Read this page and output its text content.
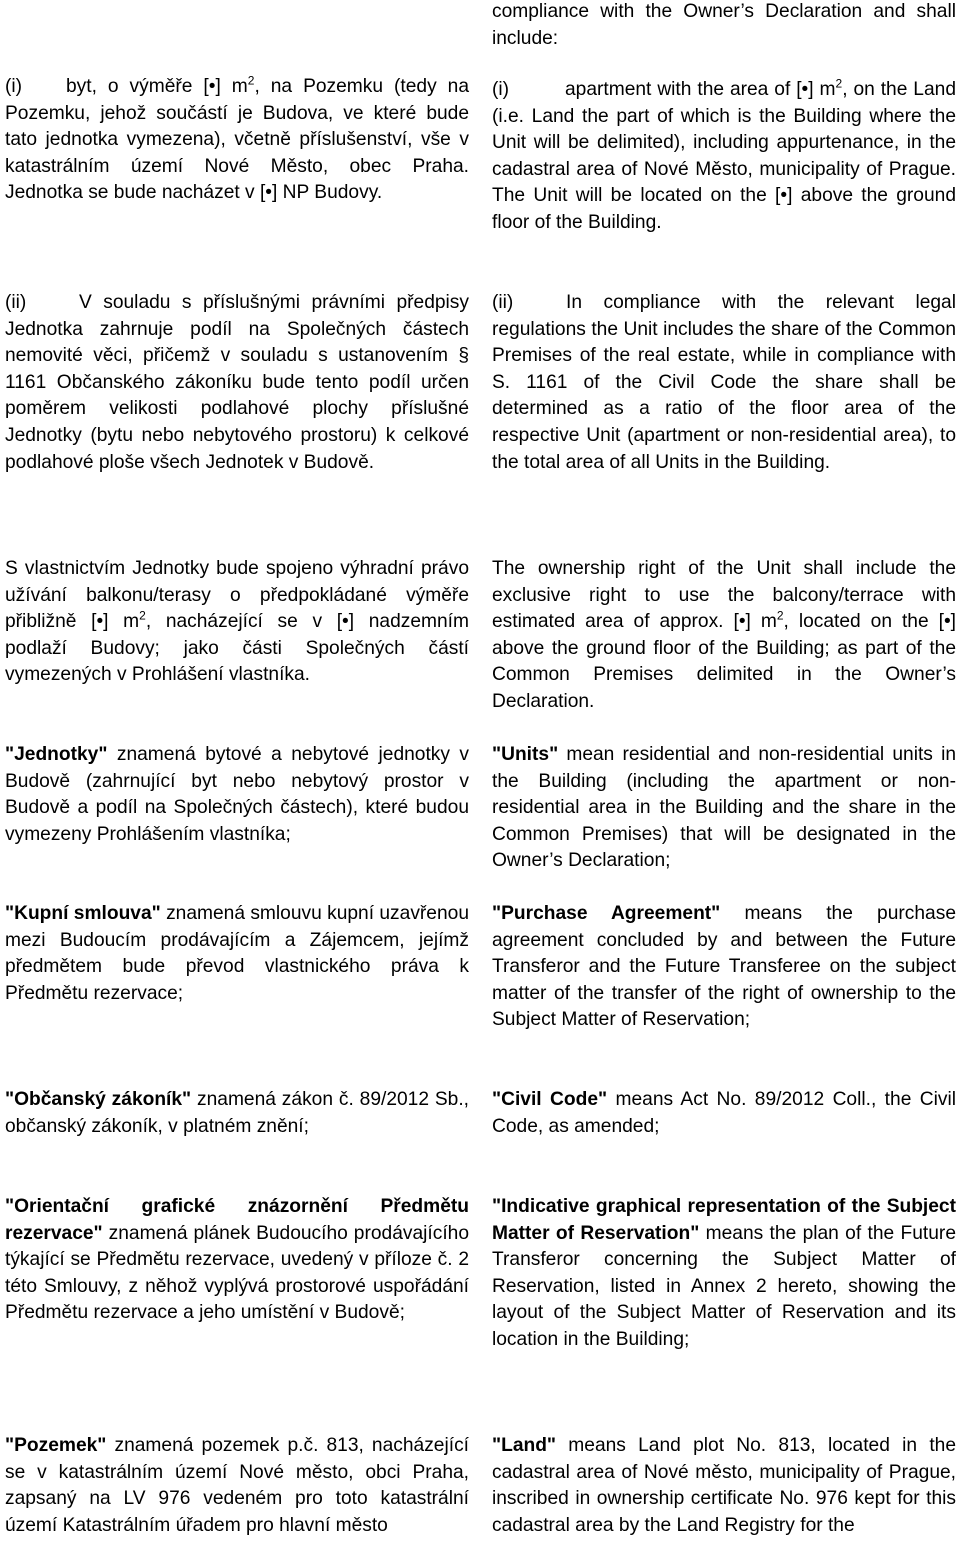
compliance with the Owner’s Declaration and shall include:

(i) byt, o výměře [•] $m^2$, na Pozemku (tedy na Pozemku, jehož součástí je Budova, ve které bude tato jednotka vymezena), včetně příslušenství, vše v katastrálním území Nové Město, obec Praha. Jednotka se bude nacházet v [•] NP Budovy.

(i)	apartment with the area of [•] $m^2$, on the Land (i.e. Land the part of which is the Building where the Unit will be delimited), including appurtenance, in the cadastral area of Nové Město, municipality of Prague. The Unit will be located on the [•] above the ground floor of the Building.

(ii)	V souladu s příslušnými právními předpisy Jednotka zahrnuje podíl na Společných částech nemovité věci, přičemž v souladu s ustanovením § 1161 Občanského zákoníku bude tento podíl určen poměrem velikosti podlahové plochy příslušné Jednotky (bytu nebo nebytového prostoru) k celkové podlahové ploše všech Jednotek v Budově.

(ii)	In compliance with the relevant legal regulations the Unit includes the share of the Common Premises of the real estate, while in compliance with S. 1161 of the Civil Code the share shall be determined as a ratio of the floor area of the respective Unit (apartment or non-residential area), to the total area of all Units in the Building.

S vlastnictvím Jednotky bude spojeno výhradní právo užívání balkonu/terasy o předpokládané výměře přibližně [•] $m^2$, nacházející se v [•] nadzemním podlaží Budovy; jako části Společných částí vymezených v Prohlášení vlastníka.

The ownership right of the Unit shall include the exclusive right to use the balcony/terrace with estimated area of approx. [•] $m^2$, located on the [•] above the ground floor of the Building; as part of the Common Premises delimited in the Owner’s Declaration.

"Jednotky" znamená bytové a nebytové jednotky v Budově (zahrnující byt nebo nebytový prostor v Budově a podíl na Společných částech), které budou vymezeny Prohlášením vlastníka;

"Units" mean residential and non-residential units in the Building (including the apartment or non-residential area in the Building and the share in the Common Premises) that will be designated in the Owner’s Declaration;

"Kupní smlouva" znamená smlouvu kupní uzavřenou mezi Budoucím prodávajícím a Zájemcem, jejímž předmětem bude převod vlastnického práva k Předmětu rezervace;

"Purchase Agreement" means the purchase agreement concluded by and between the Future Transferor and the Future Transferee on the subject matter of the transfer of the right of ownership to the Subject Matter of Reservation;

"Občanský zákoník" znamená zákon č. 89/2012 Sb., občanský zákoník, v platném znění;

"Civil Code" means Act No. 89/2012 Coll., the Civil Code, as amended;

"Orientační grafické znázornění Předmětu rezervace" znamená plánek Budoucího prodávajícího týkající se Předmětu rezervace, uvedený v příloze č. 2 této Smlouvy, z něhož vyplývá prostorové uspořádání Předmětu rezervace a jeho umístění v Budově;

"Indicative graphical representation of the Subject Matter of Reservation" means the plan of the Future Transferor concerning the Subject Matter of Reservation, listed in Annex 2 hereto, showing the layout of the Subject Matter of Reservation and its location in the Building;

"Pozemek" znamená pozemek p.č. 813, nacházející se v katastrálním území Nové město, obci Praha, zapsaný na LV 976 vedeném pro toto katastrální území Katastrálním úřadem pro hlavní město

"Land" means Land plot No. 813, located in the cadastral area of Nové město, municipality of Prague, inscribed in ownership certificate No. 976 kept for this cadastral area by the Land Registry for the
